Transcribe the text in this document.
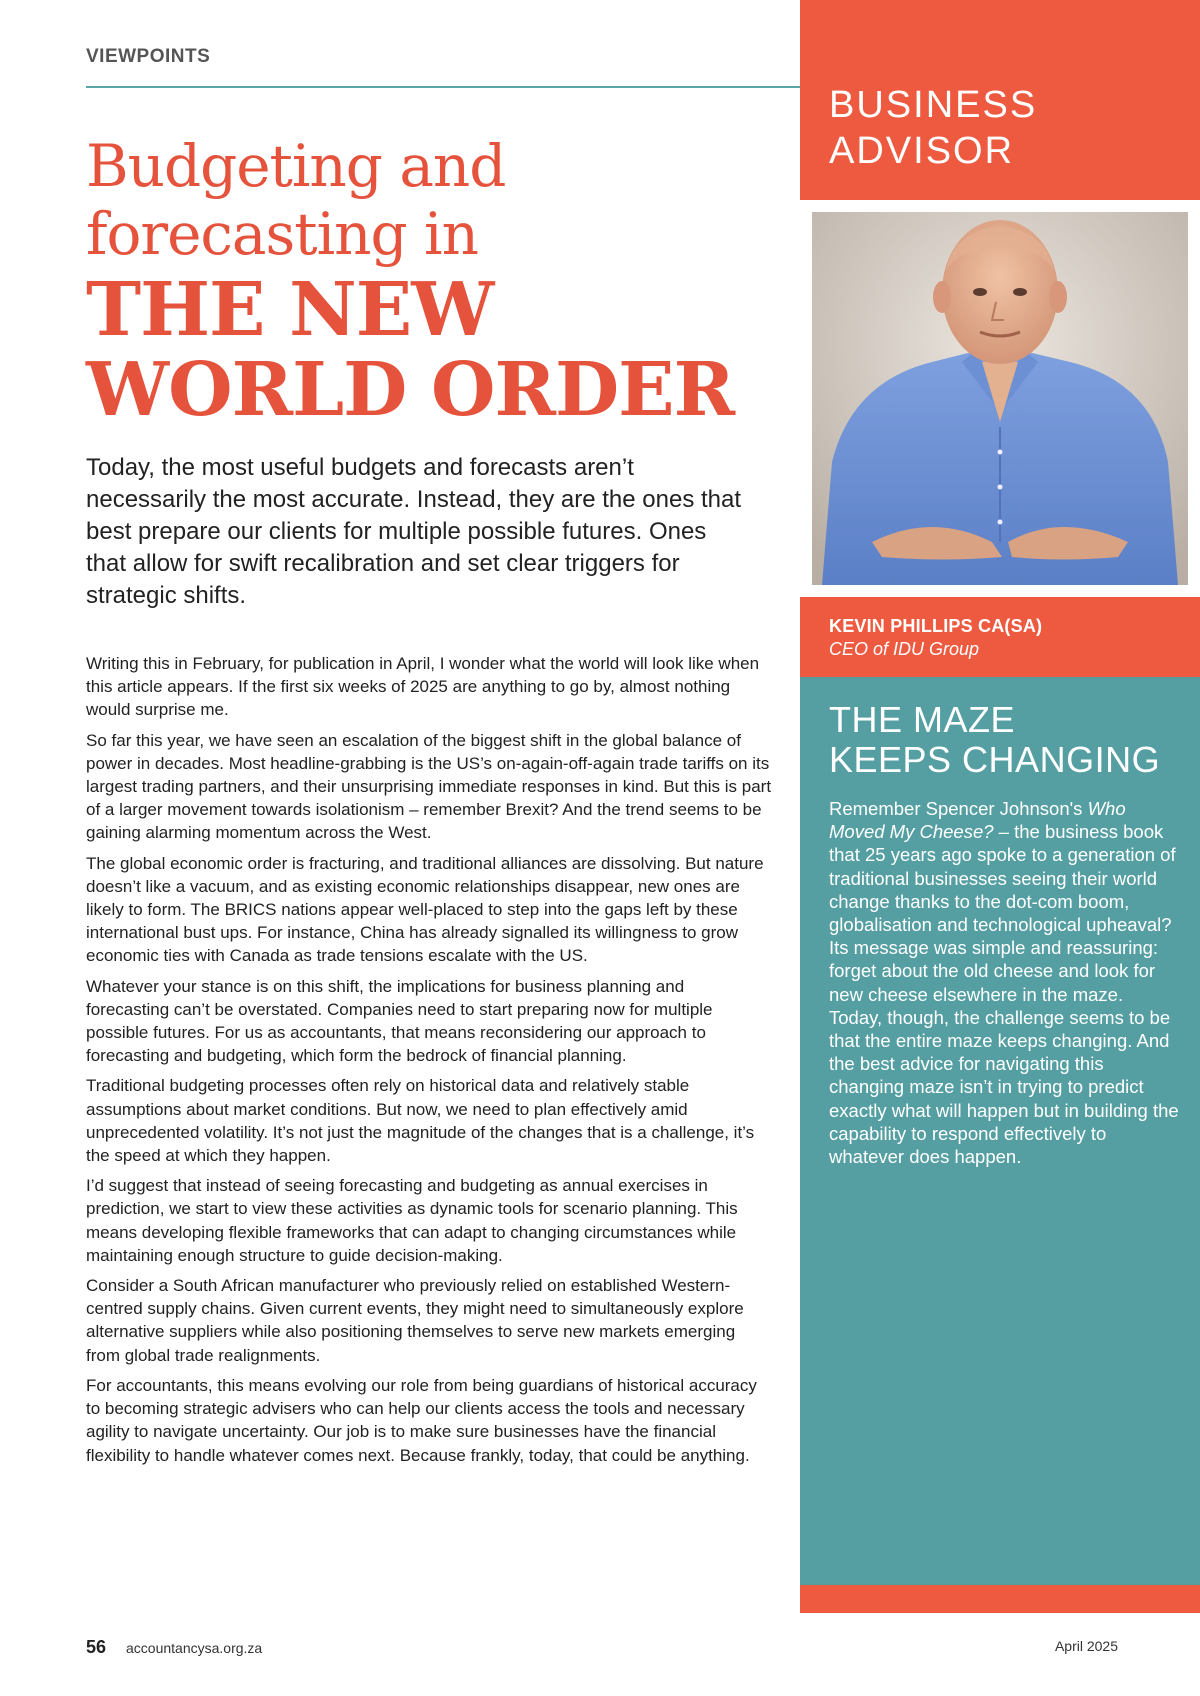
VIEWPOINTS
Budgeting and
forecasting in
THE NEW
WORLD ORDER

Today, the most useful budgets and forecasts aren’t necessarily the most accurate. Instead, they are the ones that best prepare our clients for multiple possible futures. Ones that allow for swift recalibration and set clear triggers for strategic shifts.

Writing this in February, for publication in April, I wonder what the world will look like when this article appears. If the first six weeks of 2025 are anything to go by, almost nothing would surprise me.

So far this year, we have seen an escalation of the biggest shift in the global balance of power in decades. Most headline-grabbing is the US’s on-again-off-again trade tariffs on its largest trading partners, and their unsurprising immediate responses in kind. But this is part of a larger movement towards isolationism – remember Brexit? And the trend seems to be gaining alarming momentum across the West.

The global economic order is fracturing, and traditional alliances are dissolving. But nature doesn’t like a vacuum, and as existing economic relationships disappear, new ones are likely to form. The BRICS nations appear well-placed to step into the gaps left by these international bust ups. For instance, China has already signalled its willingness to grow economic ties with Canada as trade tensions escalate with the US.

Whatever your stance is on this shift, the implications for business planning and forecasting can’t be overstated. Companies need to start preparing now for multiple possible futures. For us as accountants, that means reconsidering our approach to forecasting and budgeting, which form the bedrock of financial planning.

Traditional budgeting processes often rely on historical data and relatively stable assumptions about market conditions. But now, we need to plan effectively amid unprecedented volatility. It’s not just the magnitude of the changes that is a challenge, it’s the speed at which they happen.

I’d suggest that instead of seeing forecasting and budgeting as annual exercises in prediction, we start to view these activities as dynamic tools for scenario planning. This means developing flexible frameworks that can adapt to changing circumstances while maintaining enough structure to guide decision-making.

Consider a South African manufacturer who previously relied on established Western-centred supply chains. Given current events, they might need to simultaneously explore alternative suppliers while also positioning themselves to serve new markets emerging from global trade realignments.

For accountants, this means evolving our role from being guardians of historical accuracy to becoming strategic advisers who can help our clients access the tools and necessary agility to navigate uncertainty. Our job is to make sure businesses have the financial flexibility to handle whatever comes next. Because frankly, today, that could be anything.

BUSINESS
ADVISOR
KEVIN PHILLIPS CA(SA)
CEO of IDU Group
THE MAZE
KEEPS CHANGING

Remember Spencer Johnson's Who Moved My Cheese? – the business book that 25 years ago spoke to a generation of traditional businesses seeing their world change thanks to the dot-com boom, globalisation and technological upheaval? Its message was simple and reassuring: forget about the old cheese and look for new cheese elsewhere in the maze. Today, though, the challenge seems to be that the entire maze keeps changing. And the best advice for navigating this changing maze isn’t in trying to predict exactly what will happen but in building the capability to respond effectively to whatever does happen.

56 accountancysa.org.za	April 2025
